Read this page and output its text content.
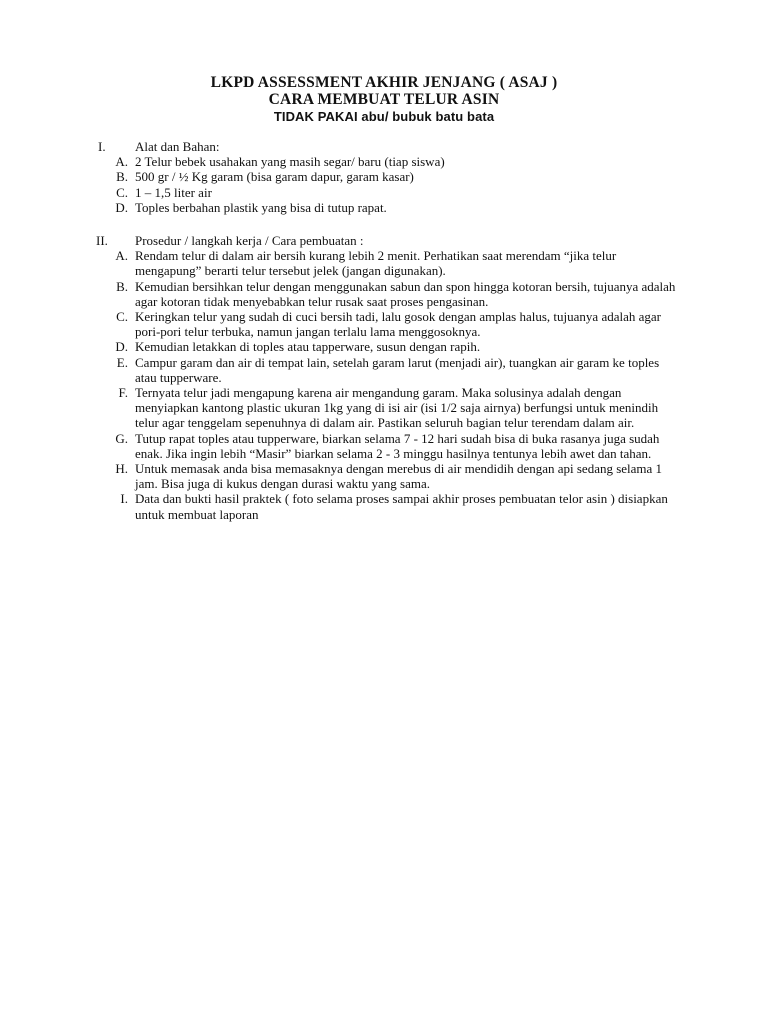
LKPD ASSESSMENT AKHIR JENJANG ( ASAJ )

CARA MEMBUAT TELUR ASIN

TIDAK PAKAI abu/ bubuk batu bata

I.	Alat dan Bahan:
A. 2 Telur bebek usahakan yang masih segar/ baru (tiap siswa)
B. 500 gr / ½ Kg garam (bisa garam dapur, garam kasar)
C. 1 – 1,5 liter air
D. Toples berbahan plastik yang bisa di tutup rapat.
II.	Prosedur / langkah kerja / Cara pembuatan :
A. Rendam telur di dalam air bersih kurang lebih 2 menit. Perhatikan saat merendam “jika telur mengapung” berarti telur tersebut jelek (jangan digunakan).
B. Kemudian bersihkan telur dengan menggunakan sabun dan spon hingga kotoran bersih, tujuanya adalah agar kotoran tidak menyebabkan telur rusak saat proses pengasinan.
C. Keringkan telur yang sudah di cuci bersih tadi, lalu gosok dengan amplas halus, tujuanya adalah agar pori-pori telur terbuka, namun jangan terlalu lama menggosoknya.
D. Kemudian letakkan di toples atau tapperware, susun dengan rapih.
E. Campur garam dan air di tempat lain, setelah garam larut (menjadi air), tuangkan air garam ke toples atau tupperware.
F. Ternyata telur jadi mengapung karena air mengandung garam. Maka solusinya adalah dengan menyiapkan kantong plastic ukuran 1kg yang di isi air (isi 1/2 saja airnya) berfungsi untuk menindih telur agar tenggelam sepenuhnya di dalam air. Pastikan seluruh bagian telur terendam dalam air.
G. Tutup rapat toples atau tupperware, biarkan selama 7 - 12 hari sudah bisa di buka rasanya juga sudah enak. Jika ingin lebih “Masir” biarkan selama 2 - 3 minggu hasilnya tentunya lebih awet dan tahan.
H. Untuk memasak anda bisa memasaknya dengan merebus di air mendidih dengan api sedang selama 1 jam. Bisa juga di kukus dengan durasi waktu yang sama.
I. Data dan bukti hasil praktek ( foto selama proses sampai akhir proses pembuatan telor asin ) disiapkan untuk membuat laporan
